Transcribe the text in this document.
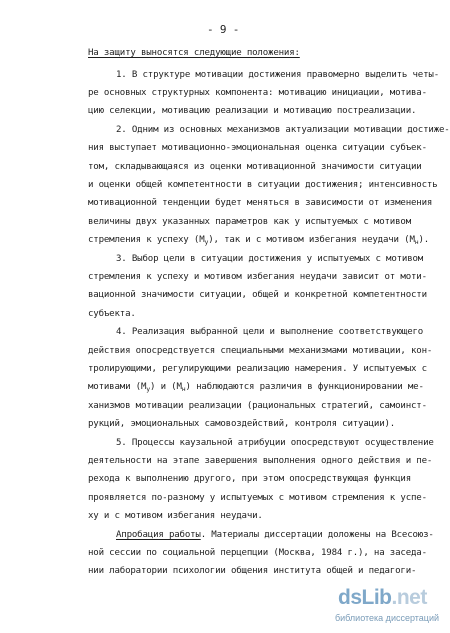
- 9 -
На защиту выносятся следующие положения:
1. В структуре мотивации достижения правомерно выделить четы-
ре основных структурных компонента: мотивацию инициации, мотива-
цию селекции, мотивацию реализации и мотивацию постреализации.
2. Одним из основных механизмов актуализации мотивации достиже-
ния выступает мотивационно-эмоциональная оценка ситуации субъек-
том, складывающаяся из оценки мотивационной значимости ситуации
и оценки общей компетентности в ситуации достижения; интенсивность
мотивационной тенденции будет меняться в зависимости от изменения
величины двух указанных параметров как у испытуемых с мотивом
стремления к успеху $(M_у)$, так и с мотивом избегания неудачи $(M_н)$.
3. Выбор цели в ситуации достижения у испытуемых с мотивом
стремления к успеху и мотивом избегания неудачи зависит от моти-
вационной значимости ситуации, общей и конкретной компетентности
субъекта.
4. Реализация выбранной цели и выполнение соответствующего
действия опосредствуется специальными механизмами мотивации, кон-
тролирующими, регулирующими реализацию намерения. У испытуемых с
мотивами $(M_у)$ и $(M_н)$ наблюдаются различия в функционировании ме-
ханизмов мотивации реализации (рациональных стратегий, самоинст-
рукций, эмоциональных самовоздействий, контроля ситуации).
5. Процессы каузальной атрибуции опосредствуют осуществление
деятельности на этапе завершения выполнения одного действия и пе-
рехода к выполнению другого, при этом опосредствующая функция
проявляется по-разному у испытуемых с мотивом стремления к успе-
ху и с мотивом избегания неудачи.
Апробация работы. Материалы диссертации доложены на Всесоюз-
ной сессии по социальной перцепции (Москва, 1984 г.), на заседа-
нии лаборатории психологии общения института общей и педагоги-
dsLib.net
библиотека диссертаций
